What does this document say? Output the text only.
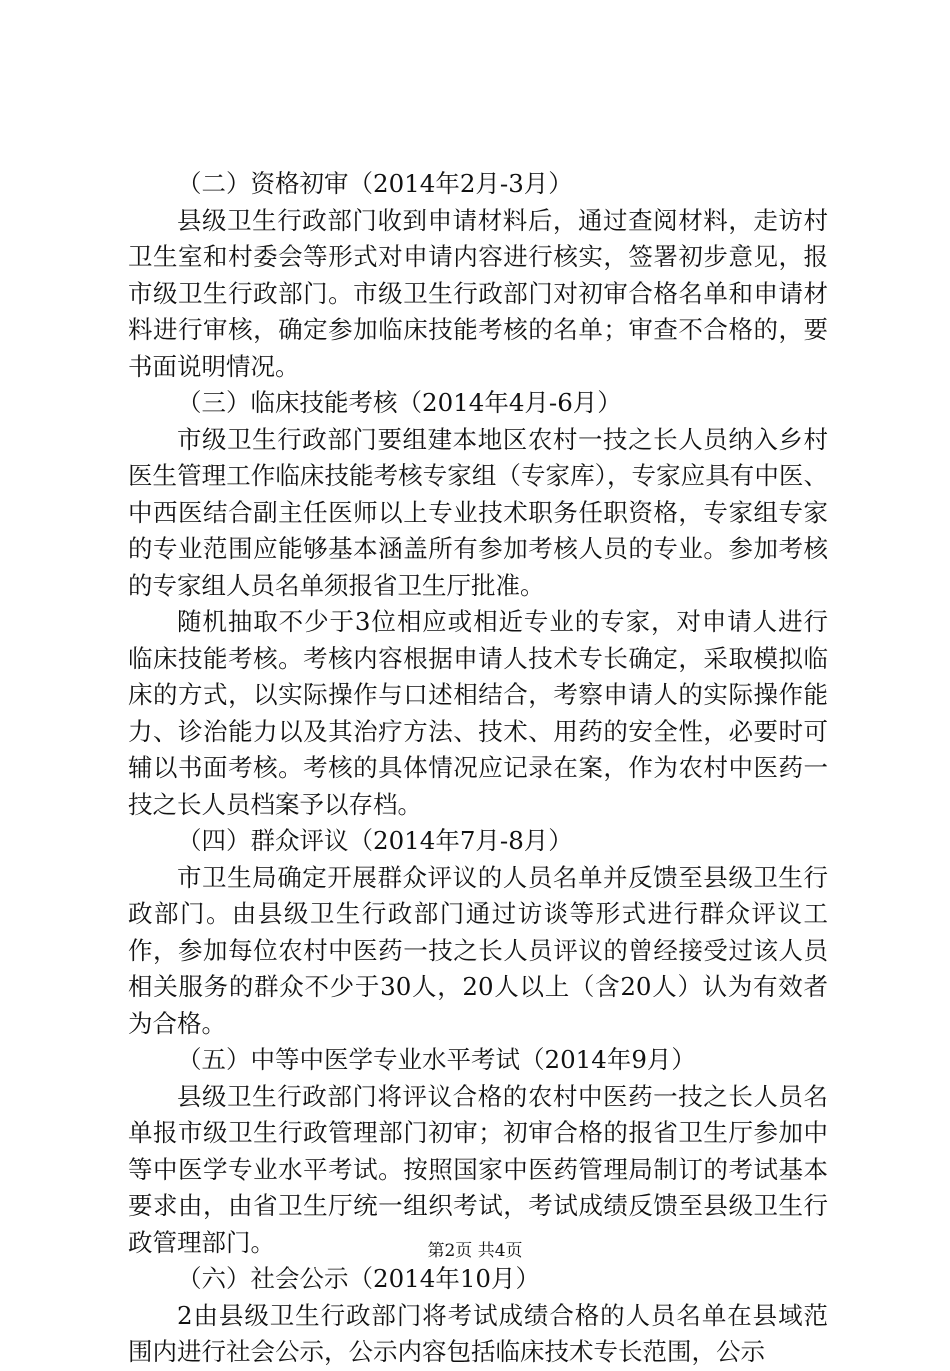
（二）资格初审（2014年2月-3月）

县级卫生行政部门收到申请材料后，通过查阅材料，走访村卫生室和村委会等形式对申请内容进行核实，签署初步意见，报市级卫生行政部门。市级卫生行政部门对初审合格名单和申请材料进行审核，确定参加临床技能考核的名单；审查不合格的，要书面说明情况。

（三）临床技能考核（2014年4月-6月）

市级卫生行政部门要组建本地区农村一技之长人员纳入乡村医生管理工作临床技能考核专家组（专家库），专家应具有中医、中西医结合副主任医师以上专业技术职务任职资格，专家组专家的专业范围应能够基本涵盖所有参加考核人员的专业。参加考核的专家组人员名单须报省卫生厅批准。

随机抽取不少于3位相应或相近专业的专家，对申请人进行临床技能考核。考核内容根据申请人技术专长确定，采取模拟临床的方式，以实际操作与口述相结合，考察申请人的实际操作能力、诊治能力以及其治疗方法、技术、用药的安全性，必要时可辅以书面考核。考核的具体情况应记录在案，作为农村中医药一技之长人员档案予以存档。

（四）群众评议（2014年7月-8月）

市卫生局确定开展群众评议的人员名单并反馈至县级卫生行政部门。由县级卫生行政部门通过访谈等形式进行群众评议工作，参加每位农村中医药一技之长人员评议的曾经接受过该人员相关服务的群众不少于30人，20人以上（含20人）认为有效者为合格。

（五）中等中医学专业水平考试（2014年9月）

县级卫生行政部门将评议合格的农村中医药一技之长人员名单报市级卫生行政管理部门初审；初审合格的报省卫生厅参加中等中医学专业水平考试。按照国家中医药管理局制订的考试基本要求由，由省卫生厅统一组织考试，考试成绩反馈至县级卫生行政管理部门。

（六）社会公示（2014年10月）

2由县级卫生行政部门将考试成绩合格的人员名单在县域范围内进行社会公示，公示内容包括临床技术专长范围，公示

第2页 共4页
